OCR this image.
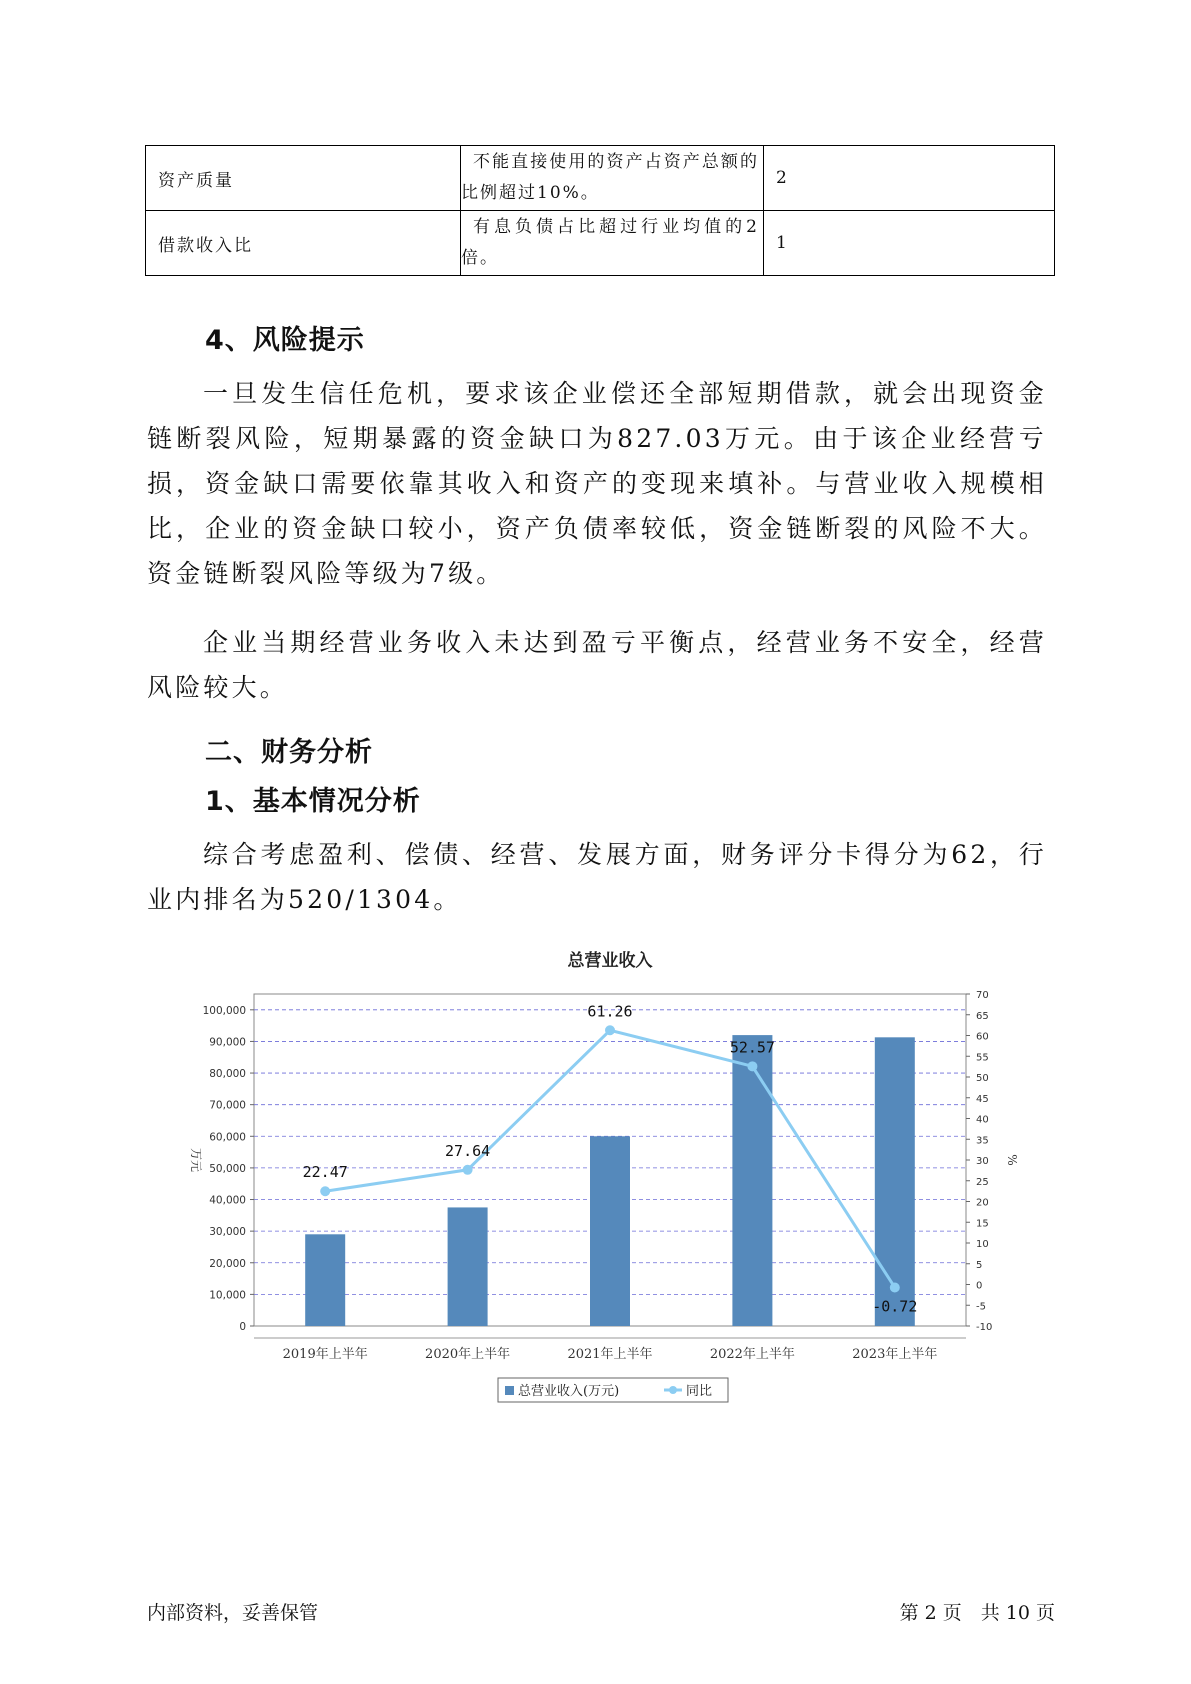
资产质量	不能直接使用的资产占资产总额的比例超过10%。	2
借款收入比	有息负债占比超过行业均值的2倍。	1
4、风险提示

一旦发生信任危机，要求该企业偿还全部短期借款，就会出现资金链断裂风险，短期暴露的资金缺口为827.03万元。由于该企业经营亏损，资金缺口需要依靠其收入和资产的变现来填补。与营业收入规模相比，企业的资金缺口较小，资产负债率较低，资金链断裂的风险不大。资金链断裂风险等级为7级。

企业当期经营业务收入未达到盈亏平衡点，经营业务不安全，经营风险较大。

二、财务分析
1、基本情况分析

综合考虑盈利、偿债、经营、发展方面，财务评分卡得分为62，行业内排名为520/1304。

总营业收入
0
10,000
20,000
30,000
40,000
50,000
60,000
70,000
80,000
90,000
100,000
-10
-5
0
5
10
15
20
25
30
35
40
45
50
55
60
65
70
万元	%
2019年上半年	2020年上半年	2021年上半年	2022年上半年	2023年上半年
22.47
27.64
61.26
52.57
-0.72
总营业收入(万元)	同比
内部资料，妥善保管	第 2 页　共 10 页
